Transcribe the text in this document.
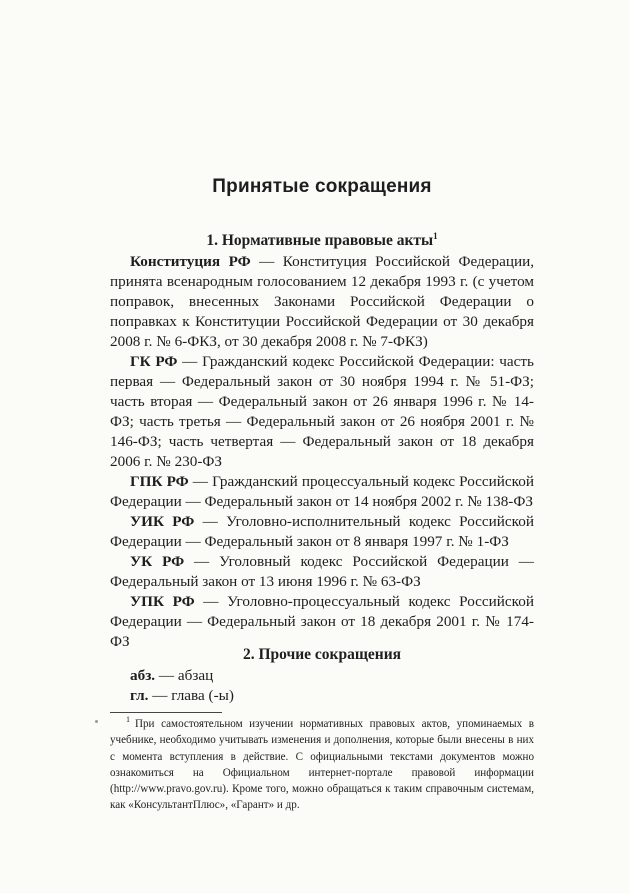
Принятые сокращения
1. Нормативные правовые акты$^1$

Конституция РФ — Конституция Российской Федерации, принята всенародным голосованием 12 декабря 1993 г. (с учетом поправок, внесенных Законами Российской Федерации о поправках к Конституции Российской Федерации от 30 декабря 2008 г. № 6-ФКЗ, от 30 декабря 2008 г. № 7-ФКЗ)

ГК РФ — Гражданский кодекс Российской Федерации: часть первая — Федеральный закон от 30 ноября 1994 г. № 51-ФЗ; часть вторая — Федеральный закон от 26 января 1996 г. № 14-ФЗ; часть третья — Федеральный закон от 26 ноября 2001 г. № 146-ФЗ; часть четвертая — Федеральный закон от 18 декабря 2006 г. № 230-ФЗ

ГПК РФ — Гражданский процессуальный кодекс Российской Федерации — Федеральный закон от 14 ноября 2002 г. № 138-ФЗ

УИК РФ — Уголовно-исполнительный кодекс Российской Федерации — Федеральный закон от 8 января 1997 г. № 1-ФЗ

УК РФ — Уголовный кодекс Российской Федерации — Федеральный закон от 13 июня 1996 г. № 63-ФЗ

УПК РФ — Уголовно-процессуальный кодекс Российской Федерации — Федеральный закон от 18 декабря 2001 г. № 174-ФЗ

2. Прочие сокращения
абз. — абзац
гл. — глава (-ы)

$^1$ При самостоятельном изучении нормативных правовых актов, упоминаемых в учебнике, необходимо учитывать изменения и дополнения, которые были внесены в них с момента вступления в действие. С официальными текстами документов можно ознакомиться на Официальном интернет-портале правовой информации (http://www.pravo.gov.ru). Кроме того, можно обращаться к таким справочным системам, как «КонсультантПлюс», «Гарант» и др.
